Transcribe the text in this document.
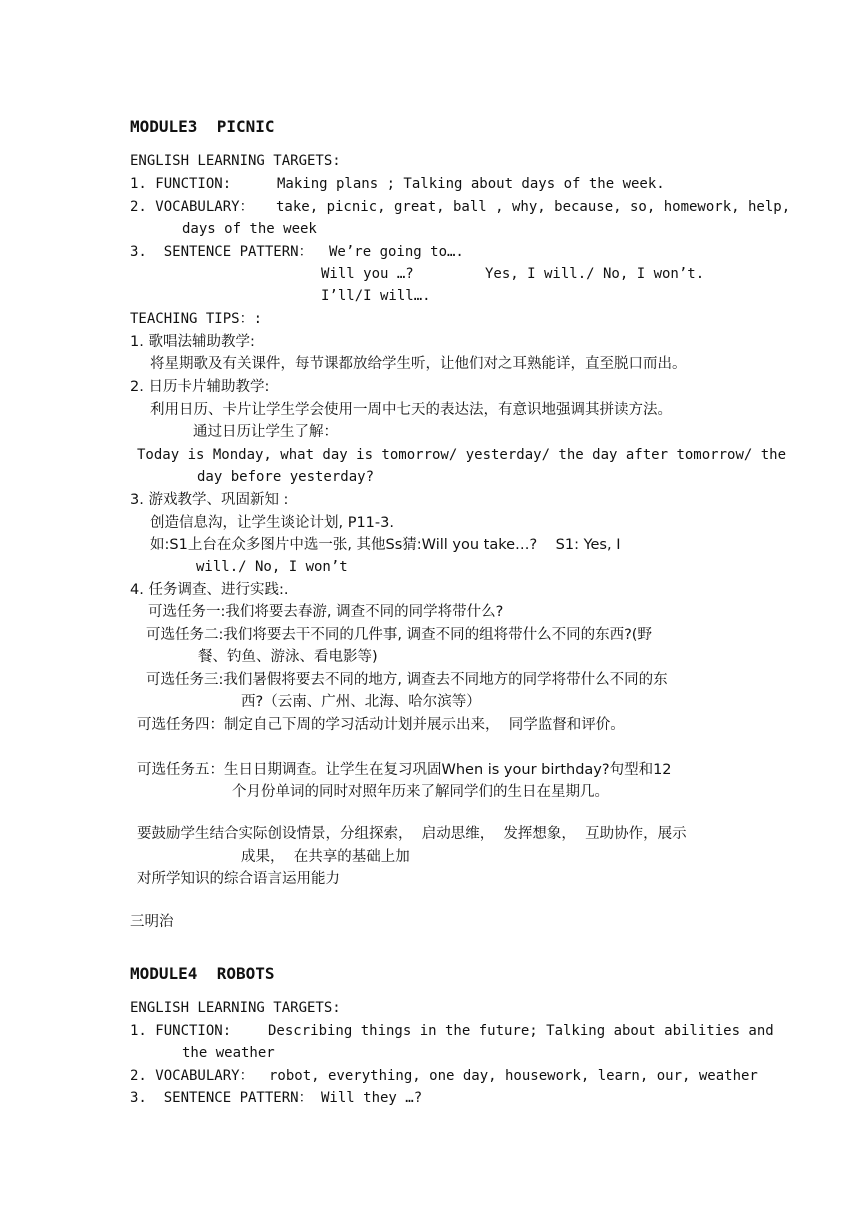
MODULE3  PICNIC
ENGLISH LEARNING TARGETS:
1. FUNCTION:	Making plans ; Talking about days of the week.
2. VOCABULARY： take, picnic, great, ball , why, because, so, homework, help,
days of the week
3.  SENTENCE PATTERN： We’re going to….
Will you …?	Yes, I will./ No, I won’t.
I’ll/I will….
TEACHING TIPS：:
1. 歌唱法辅助教学:
将星期歌及有关课件，每节课都放给学生听，让他们对之耳熟能详，直至脱口而出。
2. 日历卡片辅助教学:
利用日历、卡片让学生学会使用一周中七天的表达法，有意识地强调其拼读方法。
通过日历让学生了解：
Today is Monday, what day is tomorrow/ yesterday/ the day after tomorrow/ the
day before yesterday?
3. 游戏教学、巩固新知 :
创造信息沟，让学生谈论计划, P11-3.
如:S1上台在众多图片中选一张, 其他Ss猜:Will you take…?    S1: Yes, I
will./ No, I won’t
4. 任务调查、进行实践:.
可选任务一:我们将要去春游, 调查不同的同学将带什么?
可选任务二:我们将要去干不同的几件事, 调查不同的组将带什么不同的东西?(野
餐、钓鱼、游泳、看电影等)
可选任务三:我们暑假将要去不同的地方, 调查去不同地方的同学将带什么不同的东
西?（云南、广州、北海、哈尔滨等）
可选任务四：制定自己下周的学习活动计划并展示出来，  同学监督和评价。
可选任务五：生日日期调查。让学生在复习巩固When is your birthday?句型和12
个月份单词的同时对照年历来了解同学们的生日在星期几。
要鼓励学生结合实际创设情景，分组探索，  启动思维，  发挥想象，  互助协作，展示
成果，  在共享的基础上加
对所学知识的综合语言运用能力
三明治
MODULE4  ROBOTS
ENGLISH LEARNING TARGETS:
1. FUNCTION:	Describing things in the future; Talking about abilities and
the weather
2. VOCABULARY： robot, everything, one day, housework, learn, our, weather
3.  SENTENCE PATTERN： Will they …?
